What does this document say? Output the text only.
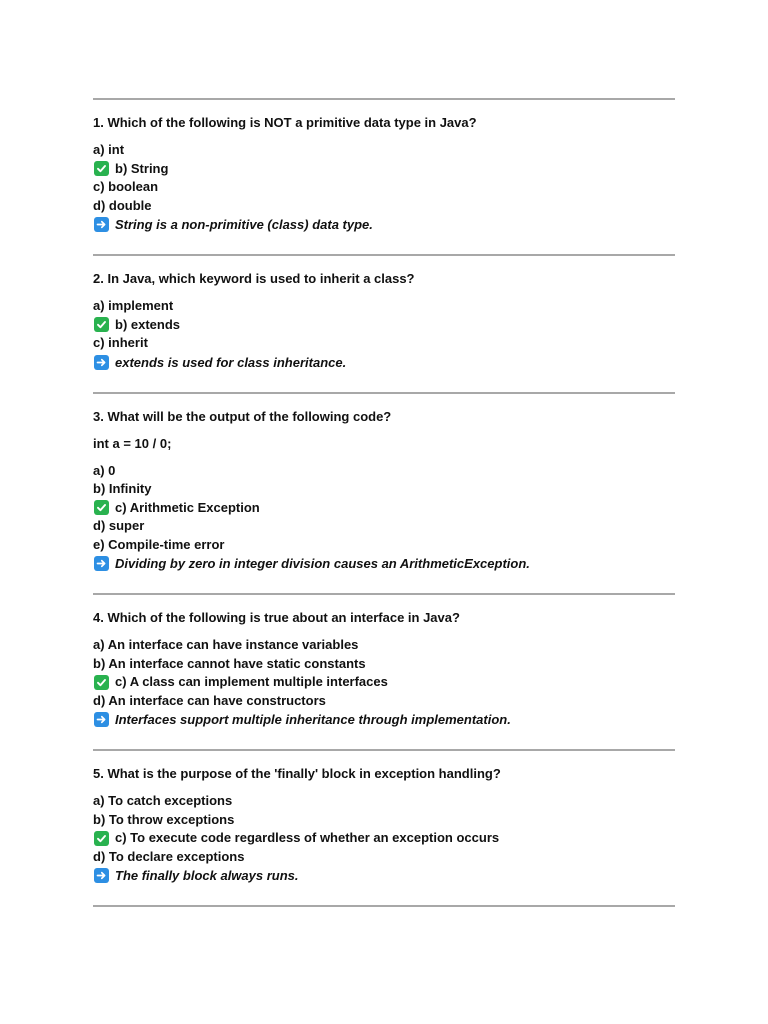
1. Which of the following is NOT a primitive data type in Java?
a) int
b) String
c) boolean
d) double
String is a non-primitive (class) data type.
2. In Java, which keyword is used to inherit a class?
a) implement
b) extends
c) inherit
extends is used for class inheritance.
3. What will be the output of the following code?
int a = 10 / 0;
a) 0
b) Infinity
c) Arithmetic Exception
d) super
e) Compile-time error
Dividing by zero in integer division causes an ArithmeticException.
4. Which of the following is true about an interface in Java?
a) An interface can have instance variables
b) An interface cannot have static constants
c) A class can implement multiple interfaces
d) An interface can have constructors
Interfaces support multiple inheritance through implementation.
5. What is the purpose of the 'finally' block in exception handling?
a) To catch exceptions
b) To throw exceptions
c) To execute code regardless of whether an exception occurs
d) To declare exceptions
The finally block always runs.
